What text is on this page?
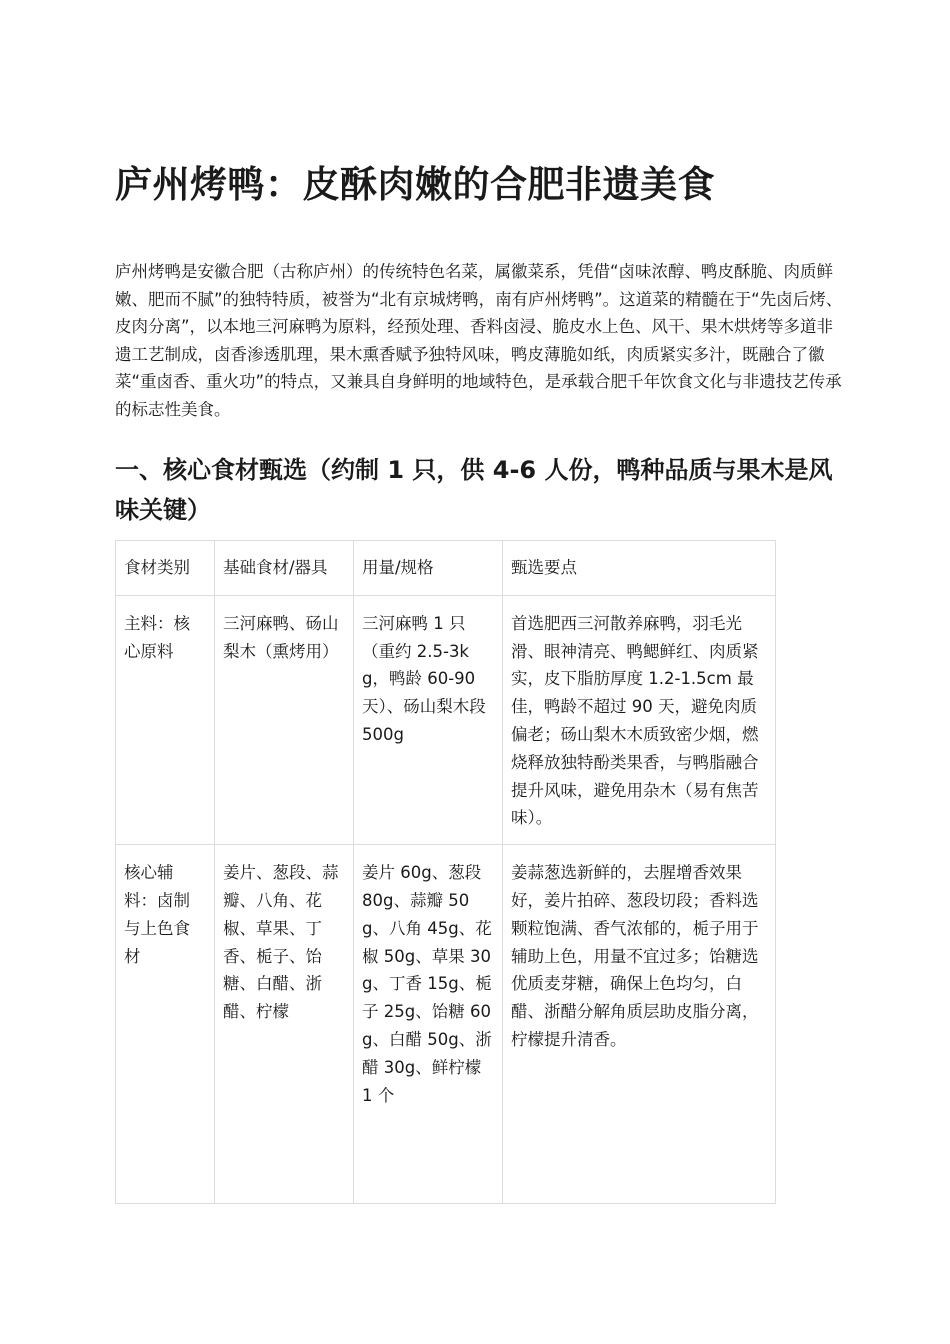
庐州烤鸭：皮酥肉嫩的合肥非遗美食

庐州烤鸭是安徽合肥（古称庐州）的传统特色名菜，属徽菜系，凭借“卤味浓醇、鸭皮酥脆、肉质鲜嫩、肥而不腻”的独特特质，被誉为“北有京城烤鸭，南有庐州烤鸭”。这道菜的精髓在于“先卤后烤、皮肉分离”，以本地三河麻鸭为原料，经预处理、香料卤浸、脆皮水上色、风干、果木烘烤等多道非遗工艺制成，卤香渗透肌理，果木熏香赋予独特风味，鸭皮薄脆如纸，肉质紧实多汁，既融合了徽菜“重卤香、重火功”的特点，又兼具自身鲜明的地域特色，是承载合肥千年饮食文化与非遗技艺传承的标志性美食。

一、核心食材甄选（约制 1 只，供 4-6 人份，鸭种品质与果木是风味关键）
食材类别	基础食材/器具	用量/规格	甄选要点
主料：核心原料	三河麻鸭、砀山梨木（熏烤用）	三河麻鸭 1 只（重约 2.5-3kg，鸭龄 60-90 天）、砀山梨木段 500g	首选肥西三河散养麻鸭，羽毛光滑、眼神清亮、鸭鳃鲜红、肉质紧实，皮下脂肪厚度 1.2-1.5cm 最佳，鸭龄不超过 90 天，避免肉质偏老；砀山梨木木质致密少烟，燃烧释放独特酚类果香，与鸭脂融合提升风味，避免用杂木（易有焦苦味）。
核心辅料：卤制与上色食材	姜片、葱段、蒜瓣、八角、花椒、草果、丁香、栀子、饴糖、白醋、浙醋、柠檬	姜片 60g、葱段 80g、蒜瓣 50g、八角 45g、花椒 50g、草果 30g、丁香 15g、栀子 25g、饴糖 60g、白醋 50g、浙醋 30g、鲜柠檬 1 个	姜蒜葱选新鲜的，去腥增香效果好，姜片拍碎、葱段切段；香料选颗粒饱满、香气浓郁的，栀子用于辅助上色，用量不宜过多；饴糖选优质麦芽糖，确保上色均匀，白醋、浙醋分解角质层助皮脂分离，柠檬提升清香。
